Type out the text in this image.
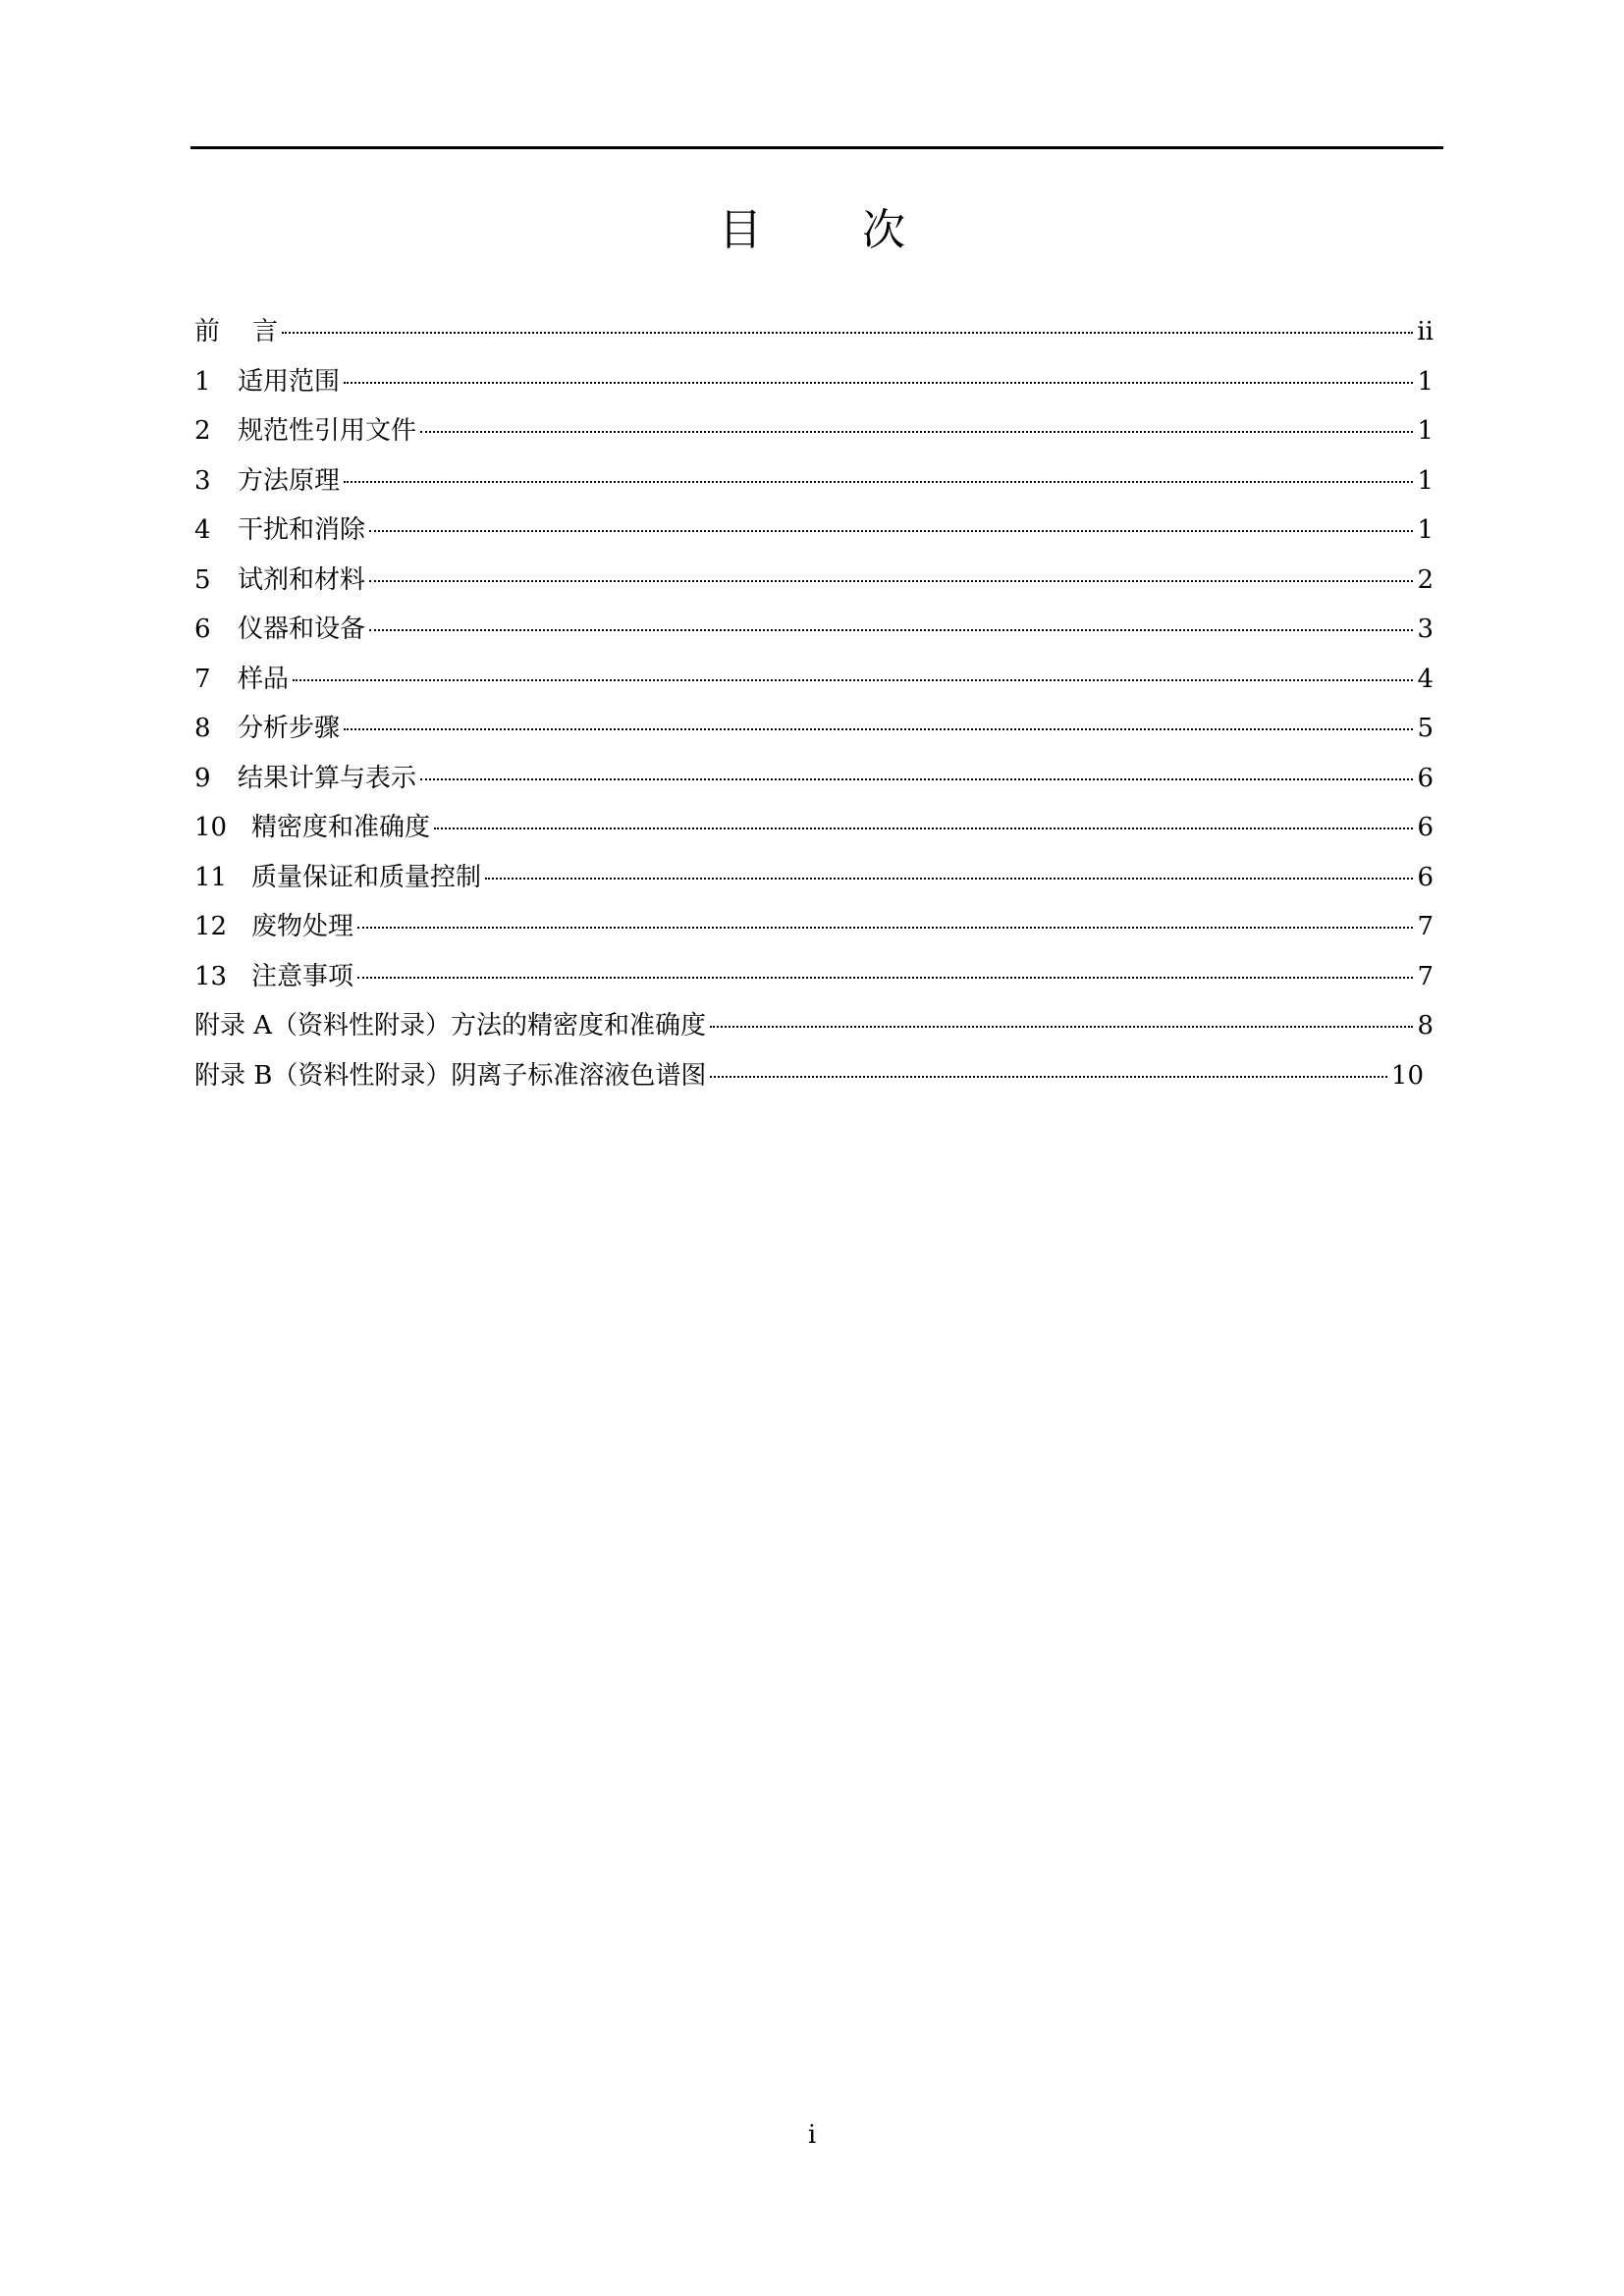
目 次
前    言	ii
1 适用范围	1
2 规范性引用文件	1
3 方法原理	1
4 干扰和消除	1
5 试剂和材料	2
6 仪器和设备	3
7 样品	4
8 分析步骤	5
9 结果计算与表示	6
10 精密度和准确度	6
11 质量保证和质量控制	6
12 废物处理	7
13 注意事项	7
附录 A（资料性附录）方法的精密度和准确度	8
附录 B（资料性附录）阴离子标准溶液色谱图	10
i
